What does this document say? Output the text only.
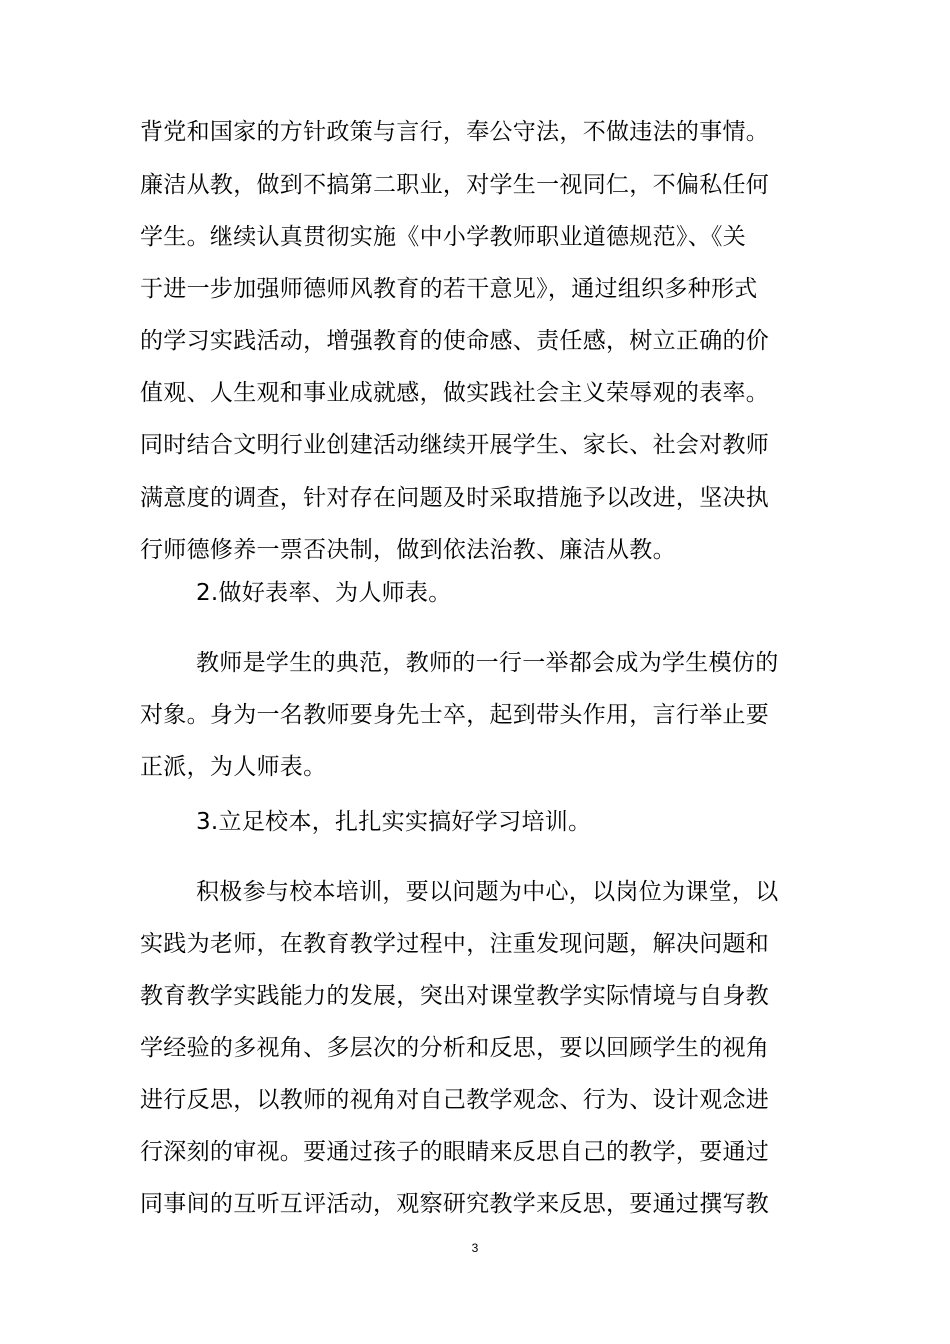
背党和国家的方针政策与言行，奉公守法，不做违法的事情。
廉洁从教，做到不搞第二职业，对学生一视同仁，不偏私任何
学生。继续认真贯彻实施《中小学教师职业道德规范》、《关
于进一步加强师德师风教育的若干意见》，通过组织多种形式
的学习实践活动，增强教育的使命感、责任感，树立正确的价
值观、人生观和事业成就感，做实践社会主义荣辱观的表率。
同时结合文明行业创建活动继续开展学生、家长、社会对教师
满意度的调查，针对存在问题及时采取措施予以改进，坚决执
行师德修养一票否决制，做到依法治教、廉洁从教。
2.做好表率、为人师表。
教师是学生的典范，教师的一行一举都会成为学生模仿的
对象。身为一名教师要身先士卒，起到带头作用，言行举止要
正派，为人师表。
3.立足校本，扎扎实实搞好学习培训。
积极参与校本培训，要以问题为中心，以岗位为课堂，以
实践为老师，在教育教学过程中，注重发现问题，解决问题和
教育教学实践能力的发展，突出对课堂教学实际情境与自身教
学经验的多视角、多层次的分析和反思，要以回顾学生的视角
进行反思，以教师的视角对自己教学观念、行为、设计观念进
行深刻的审视。要通过孩子的眼睛来反思自己的教学，要通过
同事间的互听互评活动，观察研究教学来反思，要通过撰写教
3
